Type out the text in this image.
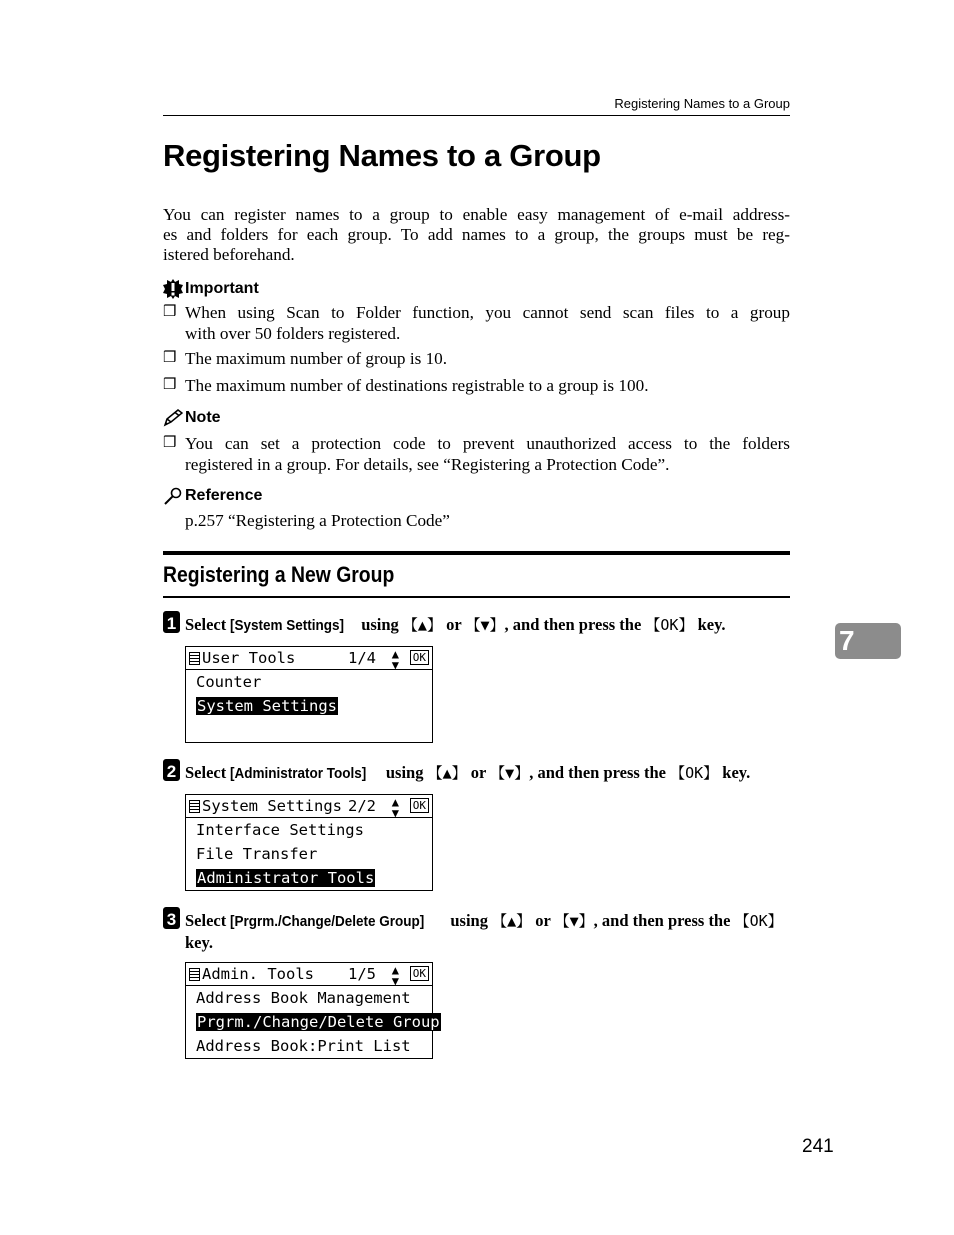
Registering Names to a Group
Registering Names to a Group
You can register names to a group to enable easy management of e-mail address-
es and folders for each group. To add names to a group, the groups must be reg-
istered beforehand.
Important
❒ When using Scan to Folder function, you cannot send scan files to a group
with over 50 folders registered.
❒ The maximum number of group is 10.
❒ The maximum number of destinations registrable to a group is 100.
Note
❒ You can set a protection code to prevent unauthorized access to the folders
registered in a group. For details, see “Registering a Protection Code”.
Reference
p.257 “Registering a Protection Code”
Registering a New Group
1 Select [System Settings] using 【▲】 or 【▼】, and then press the 【OK】 key.
User Tools	1/4 ▲
▼
OK
Counter
System Settings
2 Select [Administrator Tools] using 【▲】 or 【▼】, and then press the 【OK】 key.
System Settings 2/2 ▲
▼
OK
Interface Settings
File Transfer
Administrator Tools
3 Select [Prgrm./Change/Delete Group] using 【▲】 or 【▼】, and then press the 【OK】
key.
Admin. Tools 1/5 ▲
▼
OK
Address Book Management
Prgrm./Change/Delete Group
Address Book:Print List
7
241
